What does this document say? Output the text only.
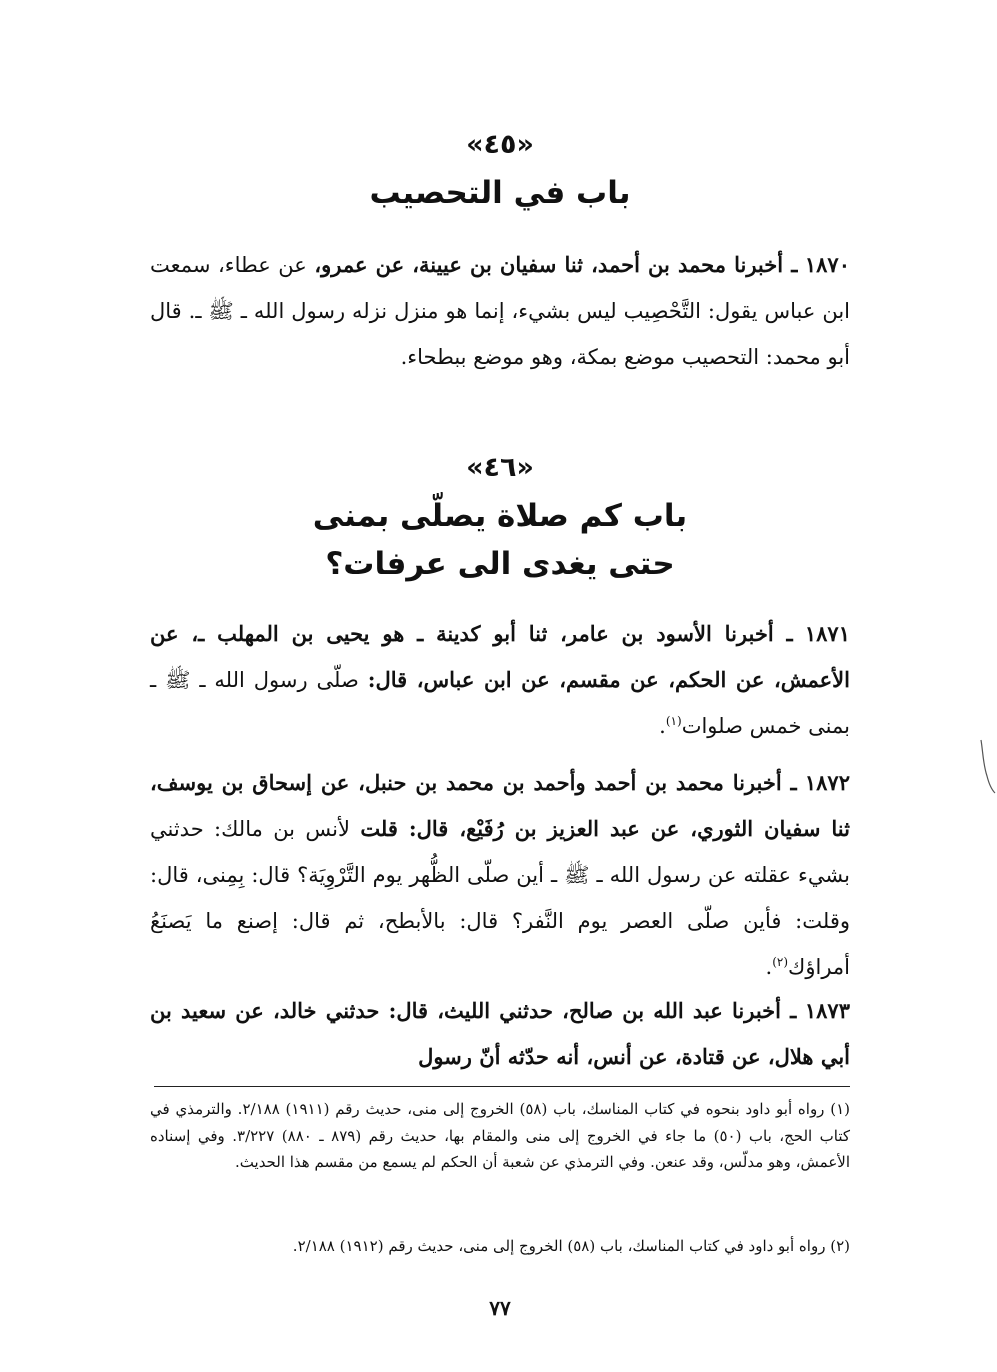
«٤٥»
باب في التحصيب
١٨٧٠ ـ أخبرنا محمد بن أحمد، ثنا سفيان بن عيينة، عن عمرو، عن عطاء، سمعت ابن عباس يقول: التَّحْصِيب ليس بشيء، إنما هو منزل نزله رسول الله ـ ﷺ ـ. قال أبو محمد: التحصيب موضع بمكة، وهو موضع ببطحاء.
«٤٦»
باب كم صلاة يصلّى بمنى
حتى يغدى الى عرفات؟
١٨٧١ ـ أخبرنا الأسود بن عامر، ثنا أبو كدينة ـ هو يحيى بن المهلب ـ، عن الأعمش، عن الحكم، عن مقسم، عن ابن عباس، قال: صلّى رسول الله ـ ﷺ ـ بمنى خمس صلوات$^{(١)}$.
١٨٧٢ ـ أخبرنا محمد بن أحمد وأحمد بن محمد بن حنبل، عن إسحاق بن يوسف، ثنا سفيان الثوري، عن عبد العزيز بن رُفَيْع، قال: قلت لأنس بن مالك: حدثني بشيء عقلته عن رسول الله ـ ﷺ ـ أين صلّى الظُّهر يوم التَّرْوِيَة؟ قال: بِمِنى، قال: وقلت: فأين صلّى العصر يوم النَّفر؟ قال: بالأبطح، ثم قال: إصنع ما يَصنَعُ أمراؤك$^{(٢)}$.
١٨٧٣ ـ أخبرنا عبد الله بن صالح، حدثني الليث، قال: حدثني خالد، عن سعيد بن أبي هلال، عن قتادة، عن أنس، أنه حدّثه أنّ رسول
(١) رواه أبو داود بنحوه في كتاب المناسك، باب (٥٨) الخروج إلى منى، حديث رقم (١٩١١) ٢/١٨٨. والترمذي في كتاب الحج، باب (٥٠) ما جاء في الخروج إلى منى والمقام بها، حديث رقم (٨٧٩ ـ ٨٨٠) ٣/٢٢٧. وفي إسناده الأعمش، وهو مدلّس، وقد عنعن. وفي الترمذي عن شعبة أن الحكم لم يسمع من مقسم هذا الحديث.
(٢) رواه أبو داود في كتاب المناسك، باب (٥٨) الخروج إلى منى، حديث رقم (١٩١٢) ٢/١٨٨.
٧٧
